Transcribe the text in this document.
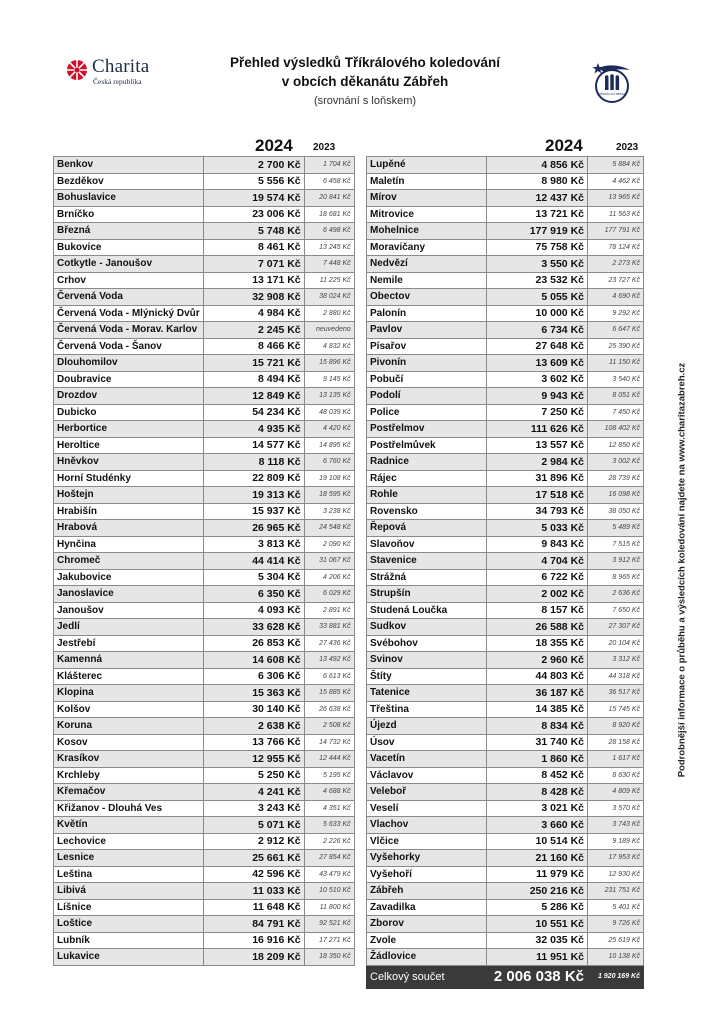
Charita
Česká republika
TŘÍKRÁLOVÁ SBÍRKA
Přehled výsledků Tříkrálového koledování
v obcích děkanátu Zábřeh
(srovnání s loňskem)
2024 2023	2024	2023
Benkov	2 700 Kč	1 704 Kč
Bezděkov	5 556 Kč	6 458 Kč
Bohuslavice	19 574 Kč	20 841 Kč
Brníčko	23 006 Kč	18 681 Kč
Březná	5 748 Kč	6 498 Kč
Bukovice	8 461 Kč	13 245 Kč
Cotkytle - Janoušov	7 071 Kč	7 448 Kč
Crhov	13 171 Kč	11 225 Kč
Červená Voda	32 908 Kč	38 024 Kč
Červená Voda - Mlýnický Dvůr	4 984 Kč	2 880 Kč
Červená Voda - Morav. Karlov	2 245 Kč	neuvedeno
Červená Voda - Šanov	8 466 Kč	4 832 Kč
Dlouhomilov	15 721 Kč	15 896 Kč
Doubravice	8 494 Kč	9 145 Kč
Drozdov	12 849 Kč	13 135 Kč
Dubicko	54 234 Kč	48 039 Kč
Herbortice	4 935 Kč	4 420 Kč
Heroltice	14 577 Kč	14 895 Kč
Hněvkov	8 118 Kč	6 760 Kč
Horní Studénky	22 809 Kč	19 108 Kč
Hoštejn	19 313 Kč	18 595 Kč
Hrabišín	15 937 Kč	3 238 Kč
Hrabová	26 965 Kč	24 548 Kč
Hynčina	3 813 Kč	2 090 Kč
Chromeč	44 414 Kč	31 067 Kč
Jakubovice	5 304 Kč	4 206 Kč
Janoslavice	6 350 Kč	6 029 Kč
Janoušov	4 093 Kč	2 891 Kč
Jedlí	33 628 Kč	33 881 Kč
Jestřebí	26 853 Kč	27 436 Kč
Kamenná	14 608 Kč	13 492 Kč
Klášterec	6 306 Kč	6 613 Kč
Klopina	15 363 Kč	15 885 Kč
Kolšov	30 140 Kč	26 638 Kč
Koruna	2 638 Kč	2 508 Kč
Kosov	13 766 Kč	14 732 Kč
Krasíkov	12 955 Kč	12 444 Kč
Krchleby	5 250 Kč	5 195 Kč
Křemačov	4 241 Kč	4 688 Kč
Křižanov - Dlouhá Ves	3 243 Kč	4 351 Kč
Květín	5 071 Kč	5 633 Kč
Lechovice	2 912 Kč	2 226 Kč
Lesnice	25 661 Kč	27 854 Kč
Leština	42 596 Kč	43 479 Kč
Libivá	11 033 Kč	10 510 Kč
Líšnice	11 648 Kč	11 800 Kč
Loštice	84 791 Kč	92 521 Kč
Lubník	16 916 Kč	17 271 Kč
Lukavice	18 209 Kč	18 350 Kč
Lupěné	4 856 Kč	5 884 Kč
Maletín	8 980 Kč	4 462 Kč
Mírov	12 437 Kč	13 965 Kč
Mitrovice	13 721 Kč	11 563 Kč
Mohelnice	177 919 Kč	177 791 Kč
Moravičany	75 758 Kč	78 124 Kč
Nedvězí	3 550 Kč	2 273 Kč
Nemile	23 532 Kč	23 727 Kč
Obectov	5 055 Kč	4 690 Kč
Palonín	10 000 Kč	9 292 Kč
Pavlov	6 734 Kč	6 647 Kč
Písařov	27 648 Kč	25 390 Kč
Pivonín	13 609 Kč	11 150 Kč
Pobučí	3 602 Kč	3 540 Kč
Podolí	9 943 Kč	8 051 Kč
Police	7 250 Kč	7 450 Kč
Postřelmov	111 626 Kč	108 402 Kč
Postřelmůvek	13 557 Kč	12 850 Kč
Radnice	2 984 Kč	3 002 Kč
Rájec	31 896 Kč	28 739 Kč
Rohle	17 518 Kč	16 098 Kč
Rovensko	34 793 Kč	38 050 Kč
Řepová	5 033 Kč	5 489 Kč
Slavoňov	9 843 Kč	7 515 Kč
Stavenice	4 704 Kč	3 912 Kč
Strážná	6 722 Kč	8 965 Kč
Strupšín	2 002 Kč	2 636 Kč
Studená Loučka	8 157 Kč	7 650 Kč
Sudkov	26 588 Kč	27 307 Kč
Svébohov	18 355 Kč	20 104 Kč
Svinov	2 960 Kč	3 312 Kč
Štíty	44 803 Kč	44 318 Kč
Tatenice	36 187 Kč	36 517 Kč
Třeština	14 385 Kč	15 745 Kč
Újezd	8 834 Kč	8 920 Kč
Úsov	31 740 Kč	28 158 Kč
Vacetín	1 860 Kč	1 617 Kč
Václavov	8 452 Kč	8 630 Kč
Veleboř	8 428 Kč	4 809 Kč
Veselí	3 021 Kč	3 570 Kč
Vlachov	3 660 Kč	3 743 Kč
Vlčice	10 514 Kč	9 189 Kč
Vyšehorky	21 160 Kč	17 953 Kč
Vyšehoří	11 979 Kč	12 930 Kč
Zábřeh	250 216 Kč	231 751 Kč
Zavadilka	5 286 Kč	5 401 Kč
Zborov	10 551 Kč	9 726 Kč
Zvole	32 035 Kč	25 619 Kč
Žádlovice	11 951 Kč	10 138 Kč
Celkový součet	2 006 038 Kč	1 920 169 Kč
Podrobnější informace o průběhu a výsledcích koledování najdete na www.charitazabreh.cz
